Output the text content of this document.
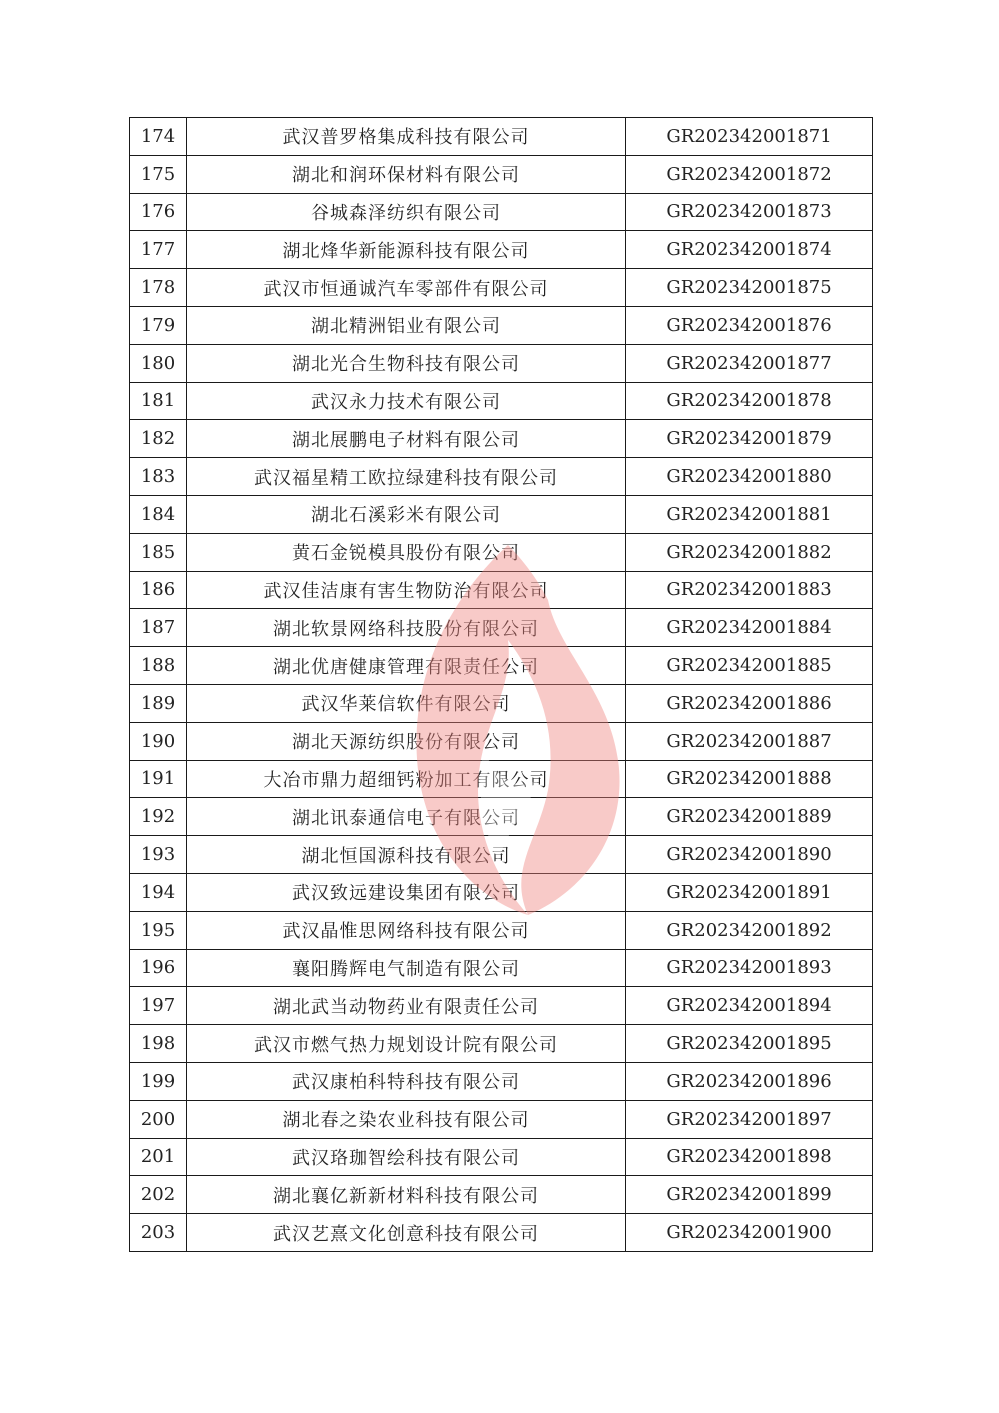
174	武汉普罗格集成科技有限公司	GR202342001871
175	湖北和润环保材料有限公司	GR202342001872
176	谷城森泽纺织有限公司	GR202342001873
177	湖北烽华新能源科技有限公司	GR202342001874
178	武汉市恒通诚汽车零部件有限公司	GR202342001875
179	湖北精洲铝业有限公司	GR202342001876
180	湖北光合生物科技有限公司	GR202342001877
181	武汉永力技术有限公司	GR202342001878
182	湖北展鹏电子材料有限公司	GR202342001879
183	武汉福星精工欧拉绿建科技有限公司	GR202342001880
184	湖北石溪彩米有限公司	GR202342001881
185	黄石金锐模具股份有限公司	GR202342001882
186	武汉佳洁康有害生物防治有限公司	GR202342001883
187	湖北软景网络科技股份有限公司	GR202342001884
188	湖北优唐健康管理有限责任公司	GR202342001885
189	武汉华莱信软件有限公司	GR202342001886
190	湖北天源纺织股份有限公司	GR202342001887
191	大冶市鼎力超细钙粉加工有限公司	GR202342001888
192	湖北讯泰通信电子有限公司	GR202342001889
193	湖北恒国源科技有限公司	GR202342001890
194	武汉致远建设集团有限公司	GR202342001891
195	武汉晶惟思网络科技有限公司	GR202342001892
196	襄阳腾辉电气制造有限公司	GR202342001893
197	湖北武当动物药业有限责任公司	GR202342001894
198	武汉市燃气热力规划设计院有限公司	GR202342001895
199	武汉康柏科特科技有限公司	GR202342001896
200	湖北春之染农业科技有限公司	GR202342001897
201	武汉珞珈智绘科技有限公司	GR202342001898
202	湖北襄亿新新材料科技有限公司	GR202342001899
203	武汉艺熹文化创意科技有限公司	GR202342001900
